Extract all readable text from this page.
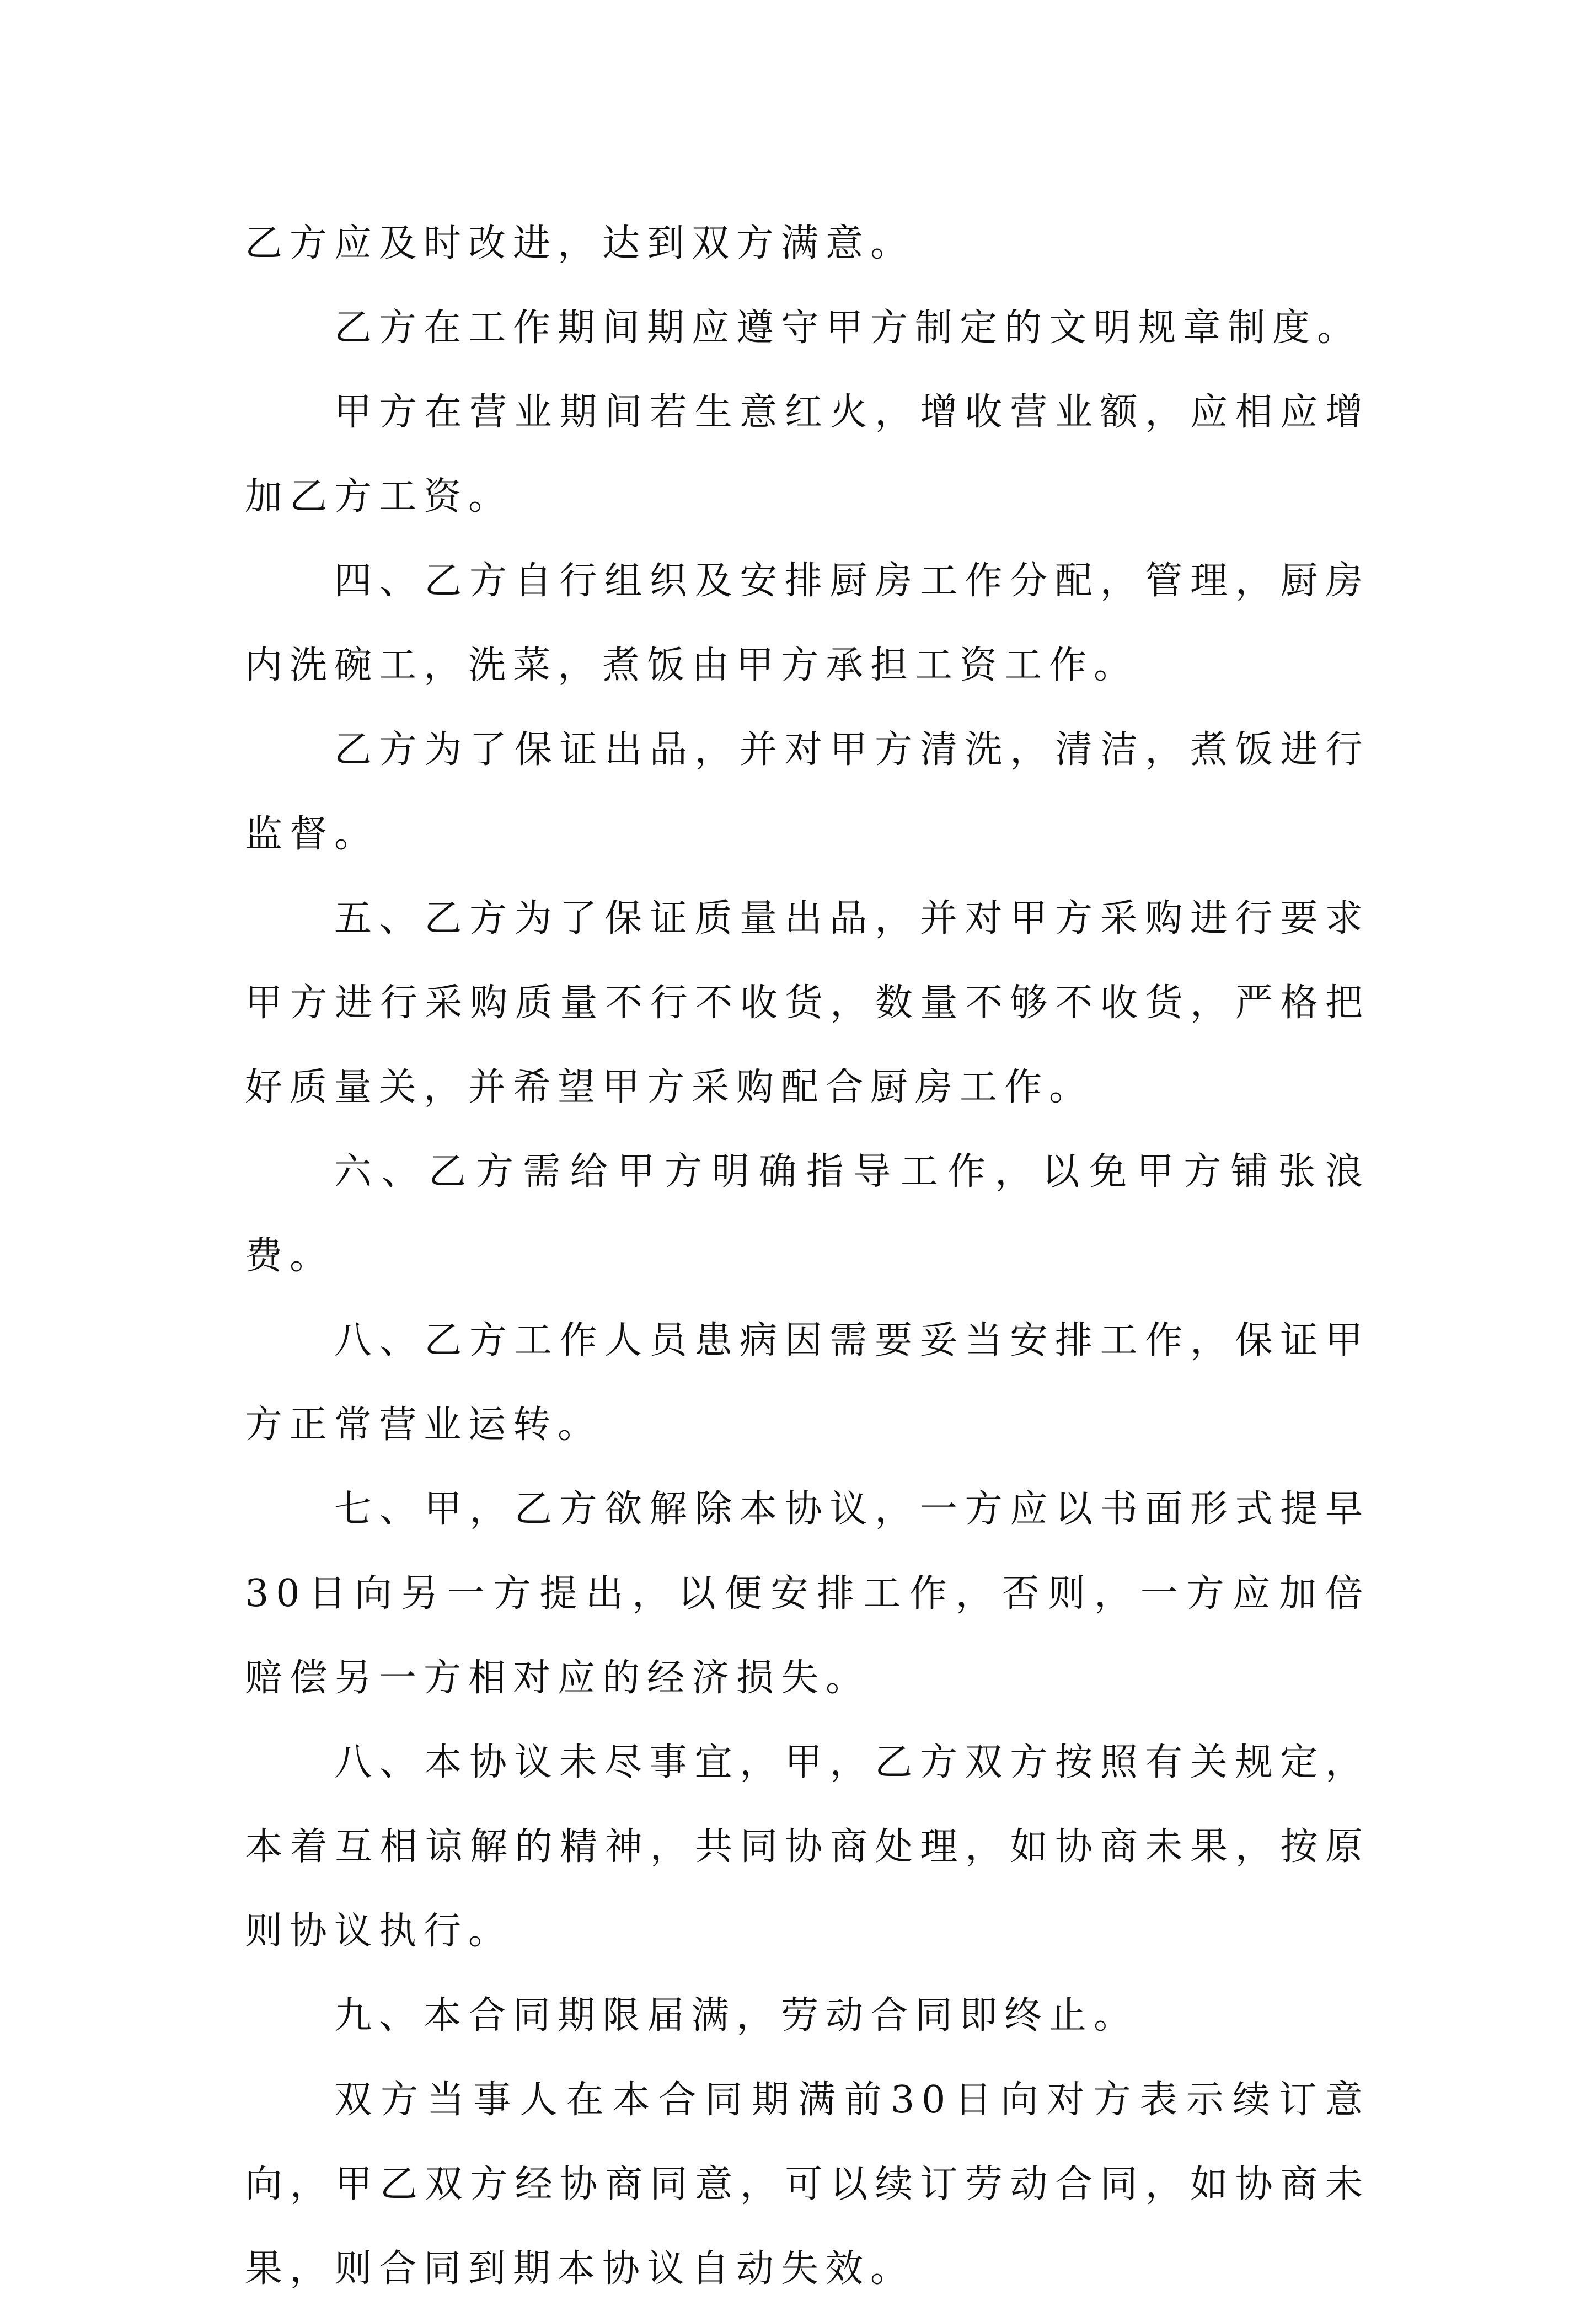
乙方应及时改进，达到双方满意。

乙方在工作期间期应遵守甲方制定的文明规章制度。

甲方在营业期间若生意红火，增收营业额，应相应增加乙方工资。

四、乙方自行组织及安排厨房工作分配，管理，厨房内洗碗工，洗菜，煮饭由甲方承担工资工作。

乙方为了保证出品，并对甲方清洗，清洁，煮饭进行监督。

五、乙方为了保证质量出品，并对甲方采购进行要求甲方进行采购质量不行不收货，数量不够不收货，严格把好质量关，并希望甲方采购配合厨房工作。

六、乙方需给甲方明确指导工作，以免甲方铺张浪费。

八、乙方工作人员患病因需要妥当安排工作，保证甲方正常营业运转。

七、甲，乙方欲解除本协议，一方应以书面形式提早30日向另一方提出，以便安排工作，否则，一方应加倍赔偿另一方相对应的经济损失。

八、本协议未尽事宜，甲，乙方双方按照有关规定，本着互相谅解的精神，共同协商处理，如协商未果，按原则协议执行。

九、本合同期限届满，劳动合同即终止。

双方当事人在本合同期满前30日向对方表示续订意向，甲乙双方经协商同意，可以续订劳动合同，如协商未果，则合同到期本协议自动失效。
